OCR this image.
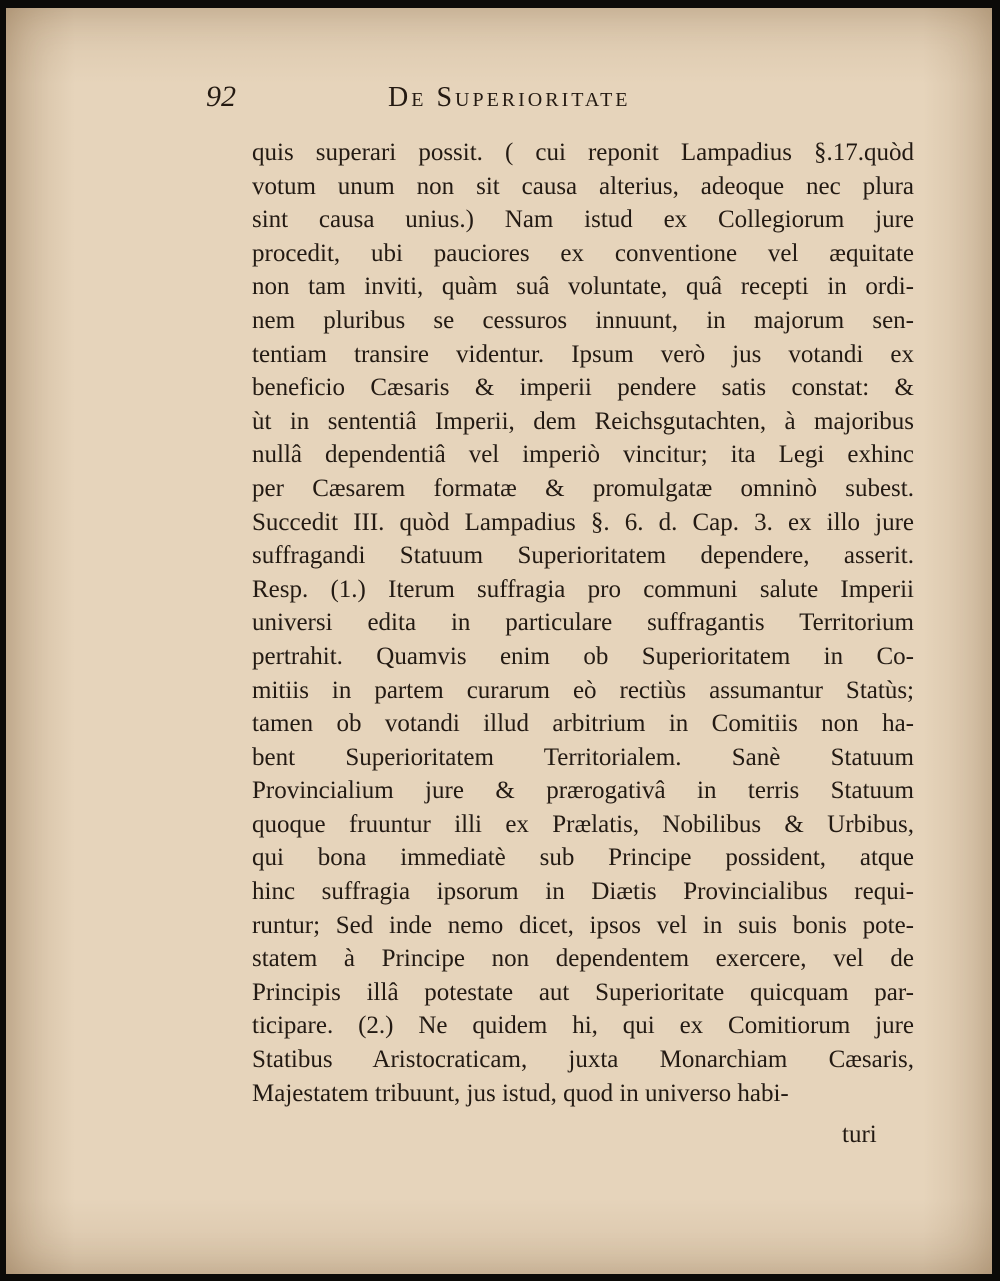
92	De Superioritate
quis superari possit. ( cui reponit Lampadius §.17.quòd
votum unum non sit causa alterius, adeoque nec plura
sint causa unius.) Nam istud ex Collegiorum jure
procedit, ubi pauciores ex conventione vel æquitate
non tam inviti, quàm suâ voluntate, quâ recepti in ordi-
nem pluribus se cessuros innuunt, in majorum sen-
tentiam transire videntur. Ipsum verò jus votandi ex
beneficio Cæsaris & imperii pendere satis constat: &
ùt in sententiâ Imperii, dem Reichsgutachten, à majoribus
nullâ dependentiâ vel imperiò vincitur; ita Legi exhinc
per Cæsarem formatæ & promulgatæ omninò subest.
Succedit III. quòd Lampadius §. 6. d. Cap. 3. ex illo jure
suffragandi Statuum Superioritatem dependere, asserit.
Resp. (1.) Iterum suffragia pro communi salute Imperii
universi edita in particulare suffragantis Territorium
pertrahit. Quamvis enim ob Superioritatem in Co-
mitiis in partem curarum eò rectiùs assumantur Statùs;
tamen ob votandi illud arbitrium in Comitiis non ha-
bent Superioritatem Territorialem. Sanè Statuum
Provincialium jure & prærogativâ in terris Statuum
quoque fruuntur illi ex Prælatis, Nobilibus & Urbibus,
qui bona immediatè sub Principe possident, atque
hinc suffragia ipsorum in Diætis Provincialibus requi-
runtur; Sed inde nemo dicet, ipsos vel in suis bonis pote-
statem à Principe non dependentem exercere, vel de
Principis illâ potestate aut Superioritate quicquam par-
ticipare. (2.) Ne quidem hi, qui ex Comitiorum jure
Statibus Aristocraticam, juxta Monarchiam Cæsaris,
Majestatem tribuunt, jus istud, quod in universo habi-
turi
